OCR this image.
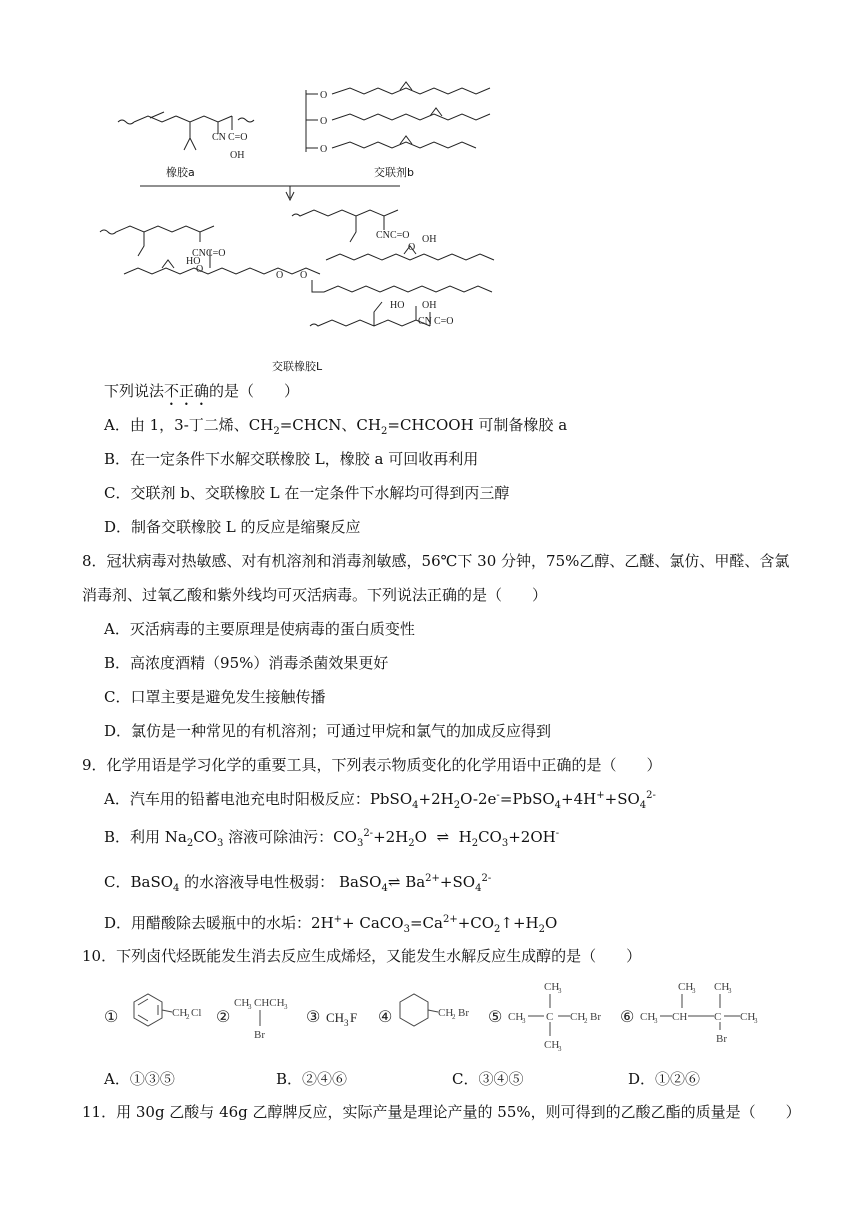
CN C=O
OH
O
O
O
CN C=O
O
HO
O O
CN C=O OH
O
HO OH
CN C=O
橡胶a	交联剂b
交联橡胶L
下列说法不正确的是（　　）
A．由 1，3-丁二烯、$CH_2=CHCN$、$CH_2=CHCOOH$ 可制备橡胶 a
B．在一定条件下水解交联橡胶 L，橡胶 a 可回收再利用
C．交联剂 b、交联橡胶 L 在一定条件下水解均可得到丙三醇
D．制备交联橡胶 L 的反应是缩聚反应
8．冠状病毒对热敏感、对有机溶剂和消毒剂敏感，56℃下 30 分钟，75%乙醇、乙醚、氯仿、甲醛、含氯
消毒剂、过氧乙酸和紫外线均可灭活病毒。下列说法正确的是（　　）
A．灭活病毒的主要原理是使病毒的蛋白质变性
B．高浓度酒精（95%）消毒杀菌效果更好
C．口罩主要是避免发生接触传播
D．氯仿是一种常见的有机溶剂；可通过甲烷和氯气的加成反应得到
9．化学用语是学习化学的重要工具，下列表示物质变化的化学用语中正确的是（　　）
A．汽车用的铅蓄电池充电时阳极反应：$PbSO_4+2H_2O-2e^-=PbSO_4+4H^++SO_4^{2-}$
B．利用 $Na_2CO_3$ 溶液可除油污：$CO_3^{2-}+2H_2O$  ⇌  $H_2CO_3+2OH^-$
C．BaSO$_4$ 的水溶液导电性极弱： BaSO$_4$⇌ $Ba^{2+}+SO_4^{2-}$
D．用醋酸除去暖瓶中的水垢：$2H^++ CaCO_3=Ca^{2+}+CO_2↑+H_2O$
10．下列卤代烃既能发生消去反应生成烯烃，又能发生水解反应生成醇的是（　　）
①	②	③ CH 3 F ④	⑤	⑥
CH
2 Cl
CH
3 CHCH 3
Br
CH
2 Br	CH
3
CH
3
C
CH
3
CH
2 Br	CH
3 CH
CH
3
C
CH
3
Br
CH
3
A．①③⑤	B．②④⑥	C．③④⑤	D．①②⑥
11．用 30g 乙酸与 46g 乙醇牌反应，实际产量是理论产量的 55%，则可得到的乙酸乙酯的质量是（　　）
